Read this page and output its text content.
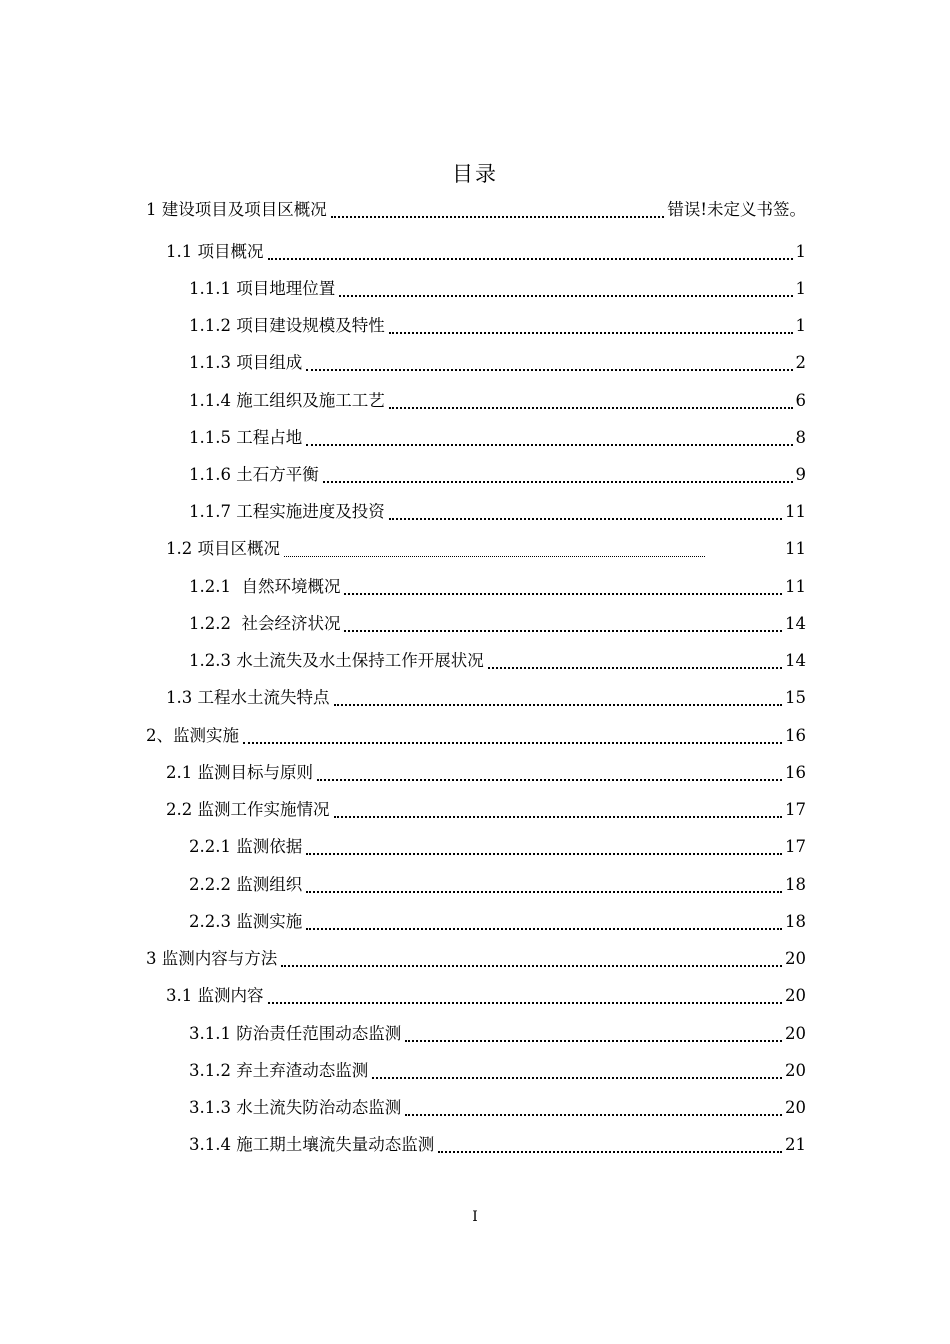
目录
1 建设项目及项目区概况	错误!未定义书签。
1.1 项目概况	1
1.1.1 项目地理位置	1
1.1.2 项目建设规模及特性	1
1.1.3 项目组成	2
1.1.4 施工组织及施工工艺	6
1.1.5 工程占地	8
1.1.6 土石方平衡	9
1.1.7 工程实施进度及投资	11
1.2 项目区概况	11
1.2.1  自然环境概况	11
1.2.2  社会经济状况	14
1.2.3 水土流失及水土保持工作开展状况	14
1.3 工程水土流失特点	15
2、监测实施	16
2.1 监测目标与原则	16
2.2 监测工作实施情况	17
2.2.1 监测依据	17
2.2.2 监测组织	18
2.2.3 监测实施	18
3 监测内容与方法	20
3.1 监测内容	20
3.1.1 防治责任范围动态监测	20
3.1.2 弃土弃渣动态监测	20
3.1.3 水土流失防治动态监测	20
3.1.4 施工期土壤流失量动态监测	21
I
